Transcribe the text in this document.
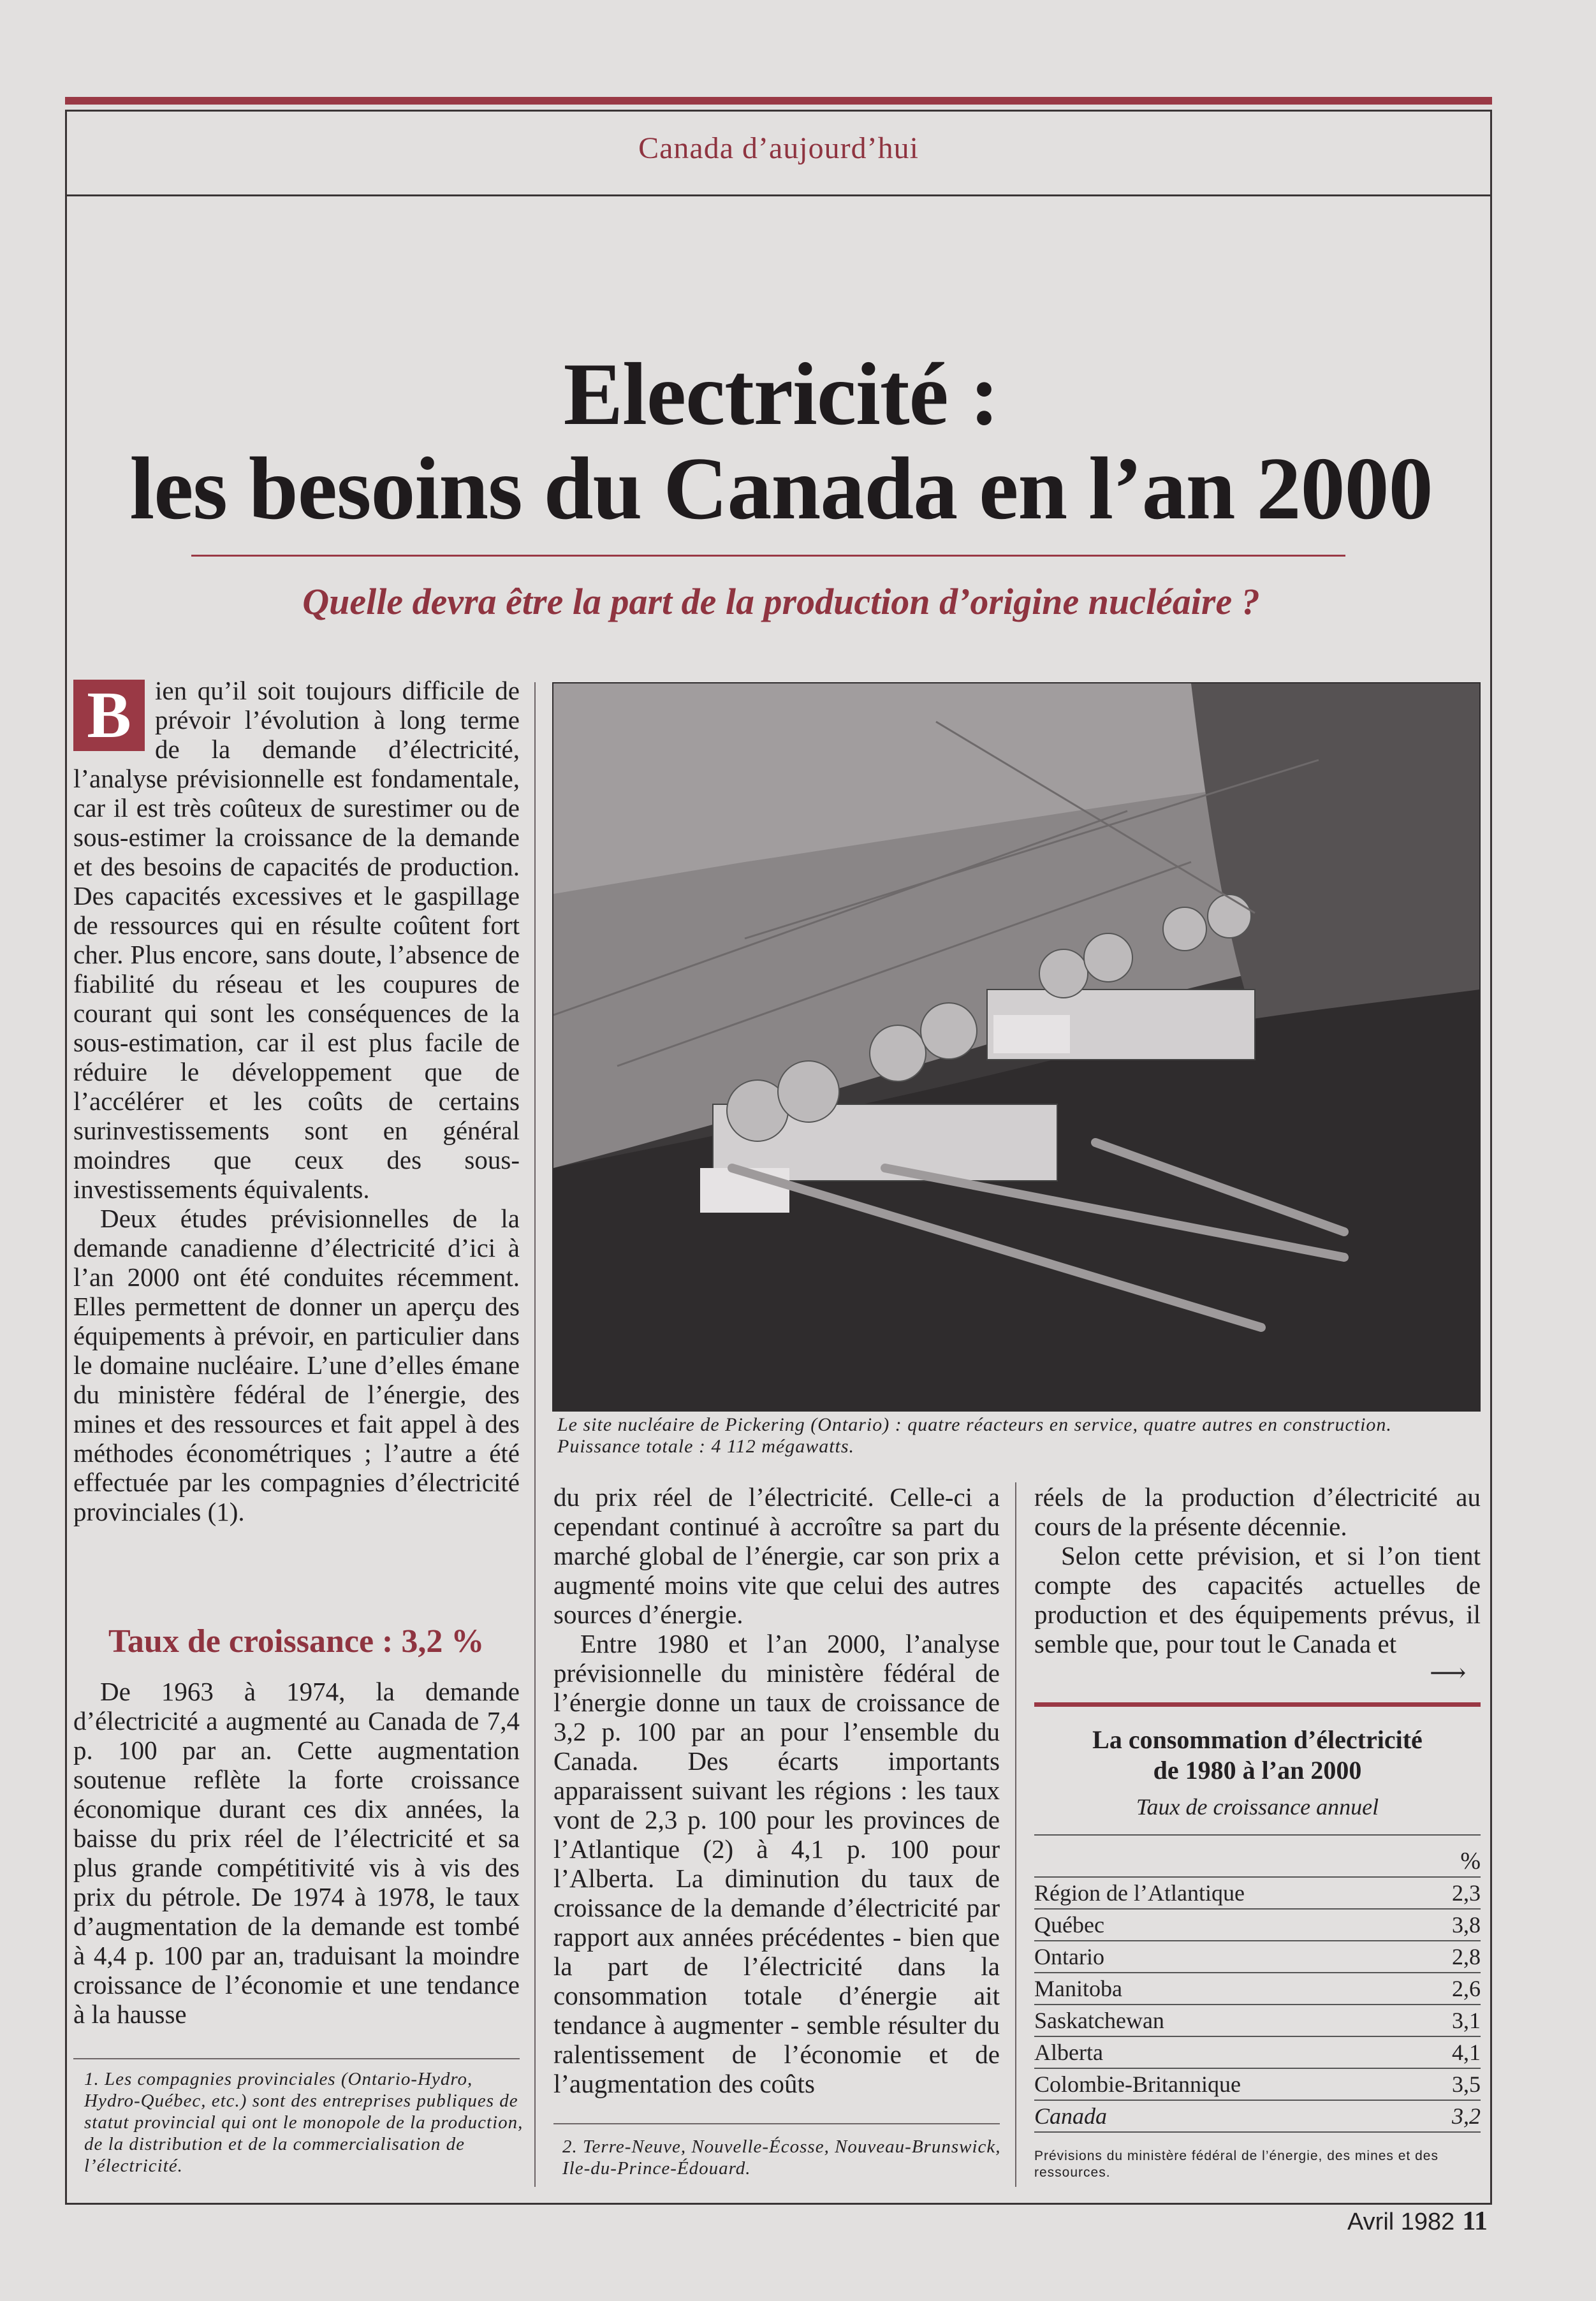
Canada d’aujourd’hui
Electricité :
les besoins du Canada en l’an 2000
Quelle devra être la part de la production d’origine nucléaire ?

B ien qu’il soit toujours difficile de prévoir l’évolution à long terme de la demande d’électricité, l’analyse prévisionnelle est fondamentale, car il est très coûteux de surestimer ou de sous-estimer la croissance de la demande et des besoins de capacités de production. Des capacités excessives et le gaspillage de ressources qui en résulte coûtent fort cher. Plus encore, sans doute, l’absence de fiabilité du réseau et les coupures de courant qui sont les conséquences de la sous-estimation, car il est plus facile de réduire le développement que de l’accélérer et les coûts de certains surinvestissements sont en général moindres que ceux des sous-investissements équivalents.

Deux études prévisionnelles de la demande canadienne d’électricité d’ici à l’an 2000 ont été conduites récemment. Elles permettent de donner un aperçu des équipements à prévoir, en particulier dans le domaine nucléaire. L’une d’elles émane du ministère fédéral de l’énergie, des mines et des ressources et fait appel à des méthodes économétriques ; l’autre a été effectuée par les compagnies d’électricité provinciales (1).

Taux de croissance : 3,2 %

De 1963 à 1974, la demande d’électricité a augmenté au Canada de 7,4 p. 100 par an. Cette augmentation soutenue reflète la forte croissance économique durant ces dix années, la baisse du prix réel de l’électricité et sa plus grande compétitivité vis à vis des prix du pétrole. De 1974 à 1978, le taux d’augmentation de la demande est tombé à 4,4 p. 100 par an, traduisant la moindre croissance de l’économie et une tendance à la hausse

1. Les compagnies provinciales (Ontario-Hydro, Hydro-Québec, etc.) sont des entreprises publiques de statut provincial qui ont le monopole de la production, de la distribution et de la commercialisation de l’électricité.
Le site nucléaire de Pickering (Ontario) : quatre réacteurs en service, quatre autres en construction.
Puissance totale : 4 112 mégawatts.

du prix réel de l’électricité. Celle-ci a cependant continué à accroître sa part du marché global de l’énergie, car son prix a augmenté moins vite que celui des autres sources d’énergie.

Entre 1980 et l’an 2000, l’analyse prévisionnelle du ministère fédéral de l’énergie donne un taux de croissance de 3,2 p. 100 par an pour l’ensemble du Canada. Des écarts importants apparaissent suivant les régions : les taux vont de 2,3 p. 100 pour les provinces de l’Atlantique (2) à 4,1 p. 100 pour l’Alberta. La diminution du taux de croissance de la demande d’électricité par rapport aux années précédentes - bien que la part de l’électricité dans la consommation totale d’énergie ait tendance à augmenter - semble résulter du ralentissement de l’économie et de l’augmentation des coûts

2. Terre-Neuve, Nouvelle-Écosse, Nouveau-Brunswick, Ile-du-Prince-Édouard.

réels de la production d’électricité au cours de la présente décennie.

Selon cette prévision, et si l’on tient compte des capacités actuelles de production et des équipements prévus, il semble que, pour tout le Canada et

⟶
La consommation d’électricité
de 1980 à l’an 2000
Taux de croissance annuel
%
Région de l’Atlantique	2,3
Québec	3,8
Ontario	2,8
Manitoba	2,6
Saskatchewan	3,1
Alberta	4,1
Colombie-Britannique	3,5
Canada	3,2
Prévisions du ministère fédéral de l’énergie, des mines et des ressources.
Avril 1982 11
